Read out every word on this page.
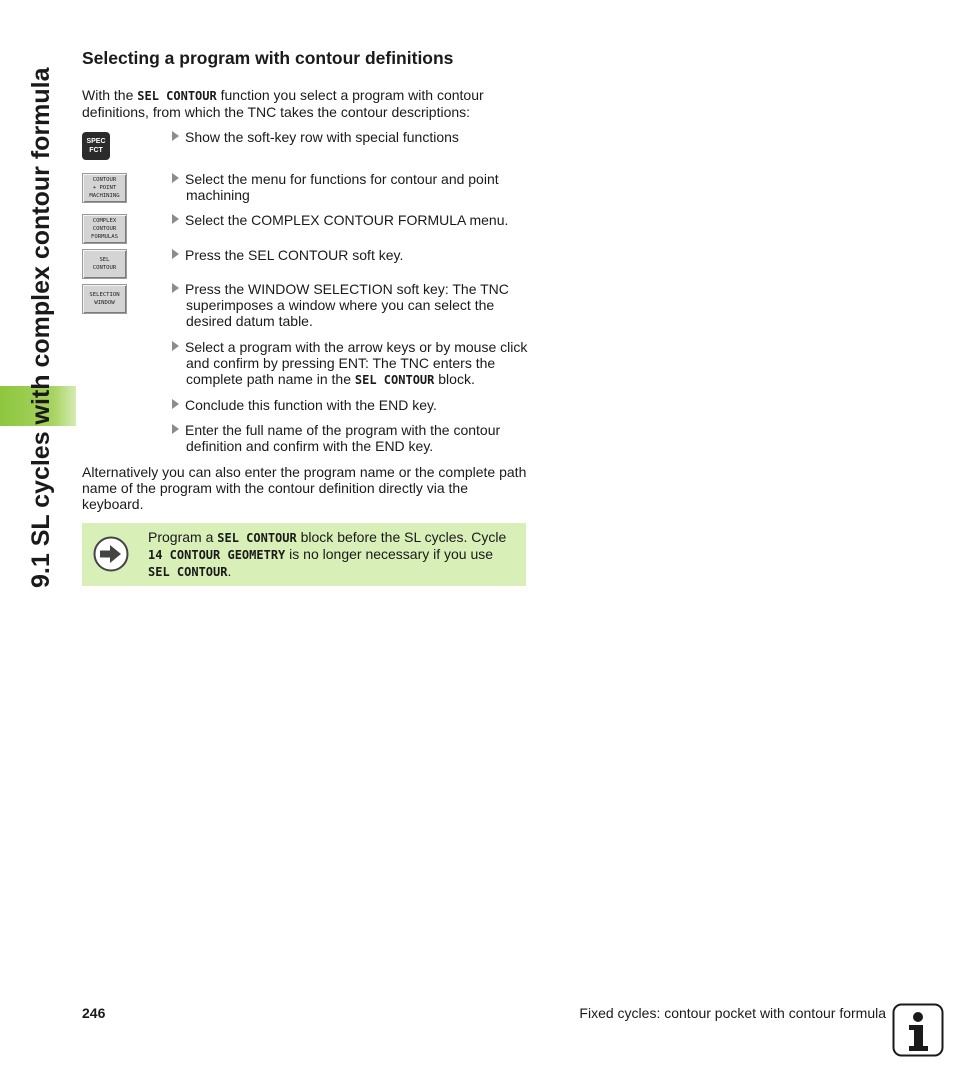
9.1 SL cycles with complex contour formula
Selecting a program with contour definitions
With the SEL CONTOUR function you select a program with contour definitions, from which the TNC takes the contour descriptions:
SPEC
FCT
CONTOUR
+ POINT
MACHINING
COMPLEX
CONTOUR
FORMULAS
SEL
CONTOUR
SELECTION
WINDOW
Show the soft-key row with special functions
Select the menu for functions for contour and point machining
Select the COMPLEX CONTOUR FORMULA menu.
Press the SEL CONTOUR soft key.
Press the WINDOW SELECTION soft key: The TNC superimposes a window where you can select the desired datum table.
Select a program with the arrow keys or by mouse click and confirm by pressing ENT: The TNC enters the complete path name in the SEL CONTOUR block.
Conclude this function with the END key.
Enter the full name of the program with the contour definition and confirm with the END key.
Alternatively you can also enter the program name or the complete path name of the program with the contour definition directly via the keyboard.
Program a SEL CONTOUR block before the SL cycles. Cycle 14 CONTOUR GEOMETRY is no longer necessary if you use SEL CONTOUR.
246	Fixed cycles: contour pocket with contour formula
